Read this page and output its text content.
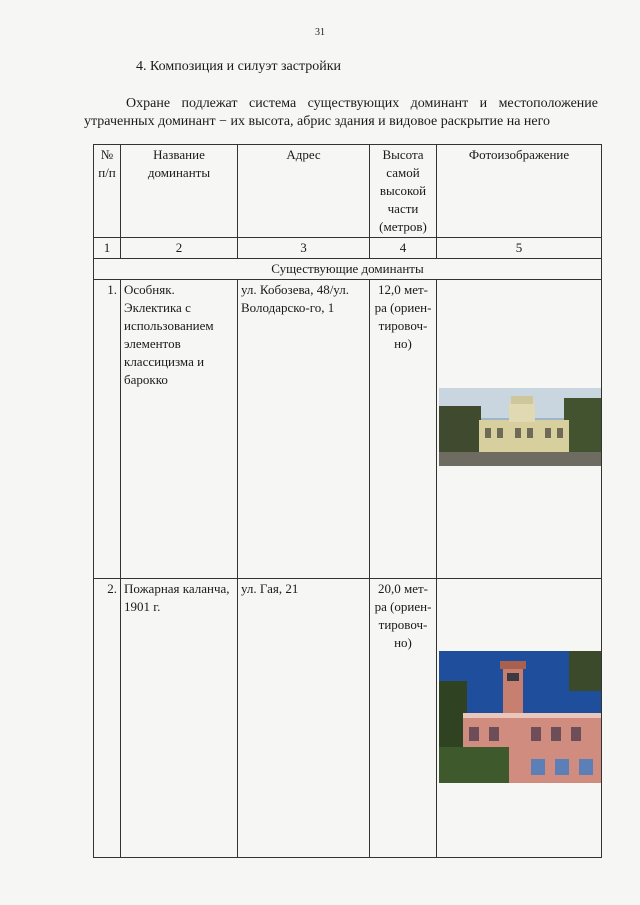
31
4. Композиция и силуэт застройки

Охране подлежат система существующих доминант и местоположение

утраченных доминант − их высота, абрис здания и видовое раскрытие на него
№ п/п	Название доминанты	Адрес	Высота самой высокой части (метров)	Фотоизображение
1	2	3	4	5
Существующие доминанты				
1.	Особняк. Эклектика с использованием элементов классицизма и барокко	ул. Кобозева, 48/ул. Володарско-го, 1	12,0 мет-ра (ориен-тировоч-но)	

2.	Пожарная каланча, 1901 г.	ул. Гая, 21	20,0 мет-ра (ориен-тировоч-но)	
